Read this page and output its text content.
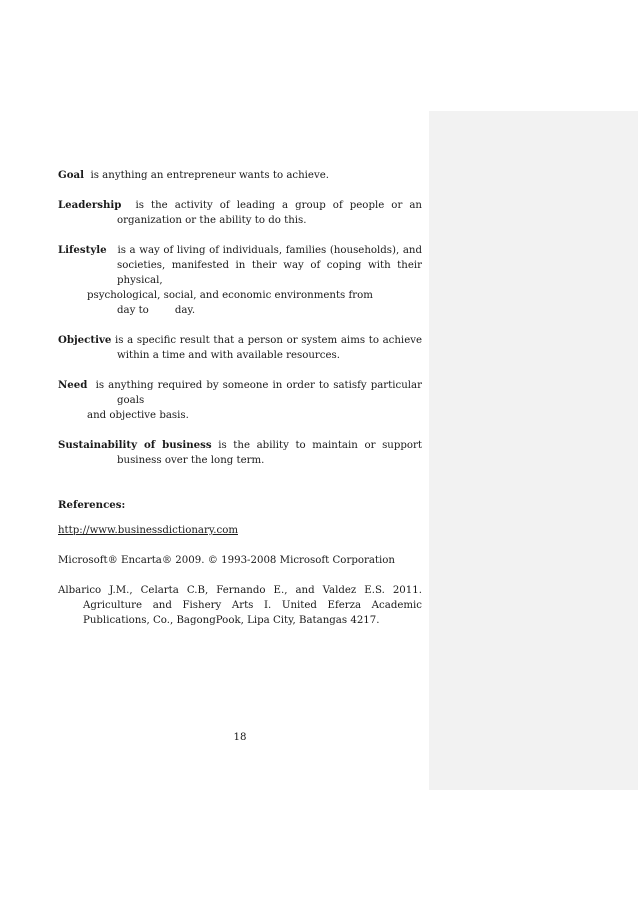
Goal is anything an entrepreneur wants to achieve.

Leadership is the activity of leading a group of people or an organization or the ability to do this.

Lifestyle is a way of living of individuals, families (households), and societies, manifested in their way of coping with their physical,
psychological, social, and economic environments from
day to	day.

Objective is a specific result that a person or system aims to achieve within a time and with available resources.

Need is anything required by someone in order to satisfy particular goals
and objective basis.

Sustainability of business is the ability to maintain or support business over the long term.

References:

http://www.businessdictionary.com

Microsoft® Encarta® 2009. © 1993-2008 Microsoft Corporation

Albarico J.M., Celarta C.B, Fernando E., and Valdez E.S. 2011. Agriculture and Fishery Arts I. United Eferza Academic Publications, Co., BagongPook, Lipa City, Batangas 4217.

18
